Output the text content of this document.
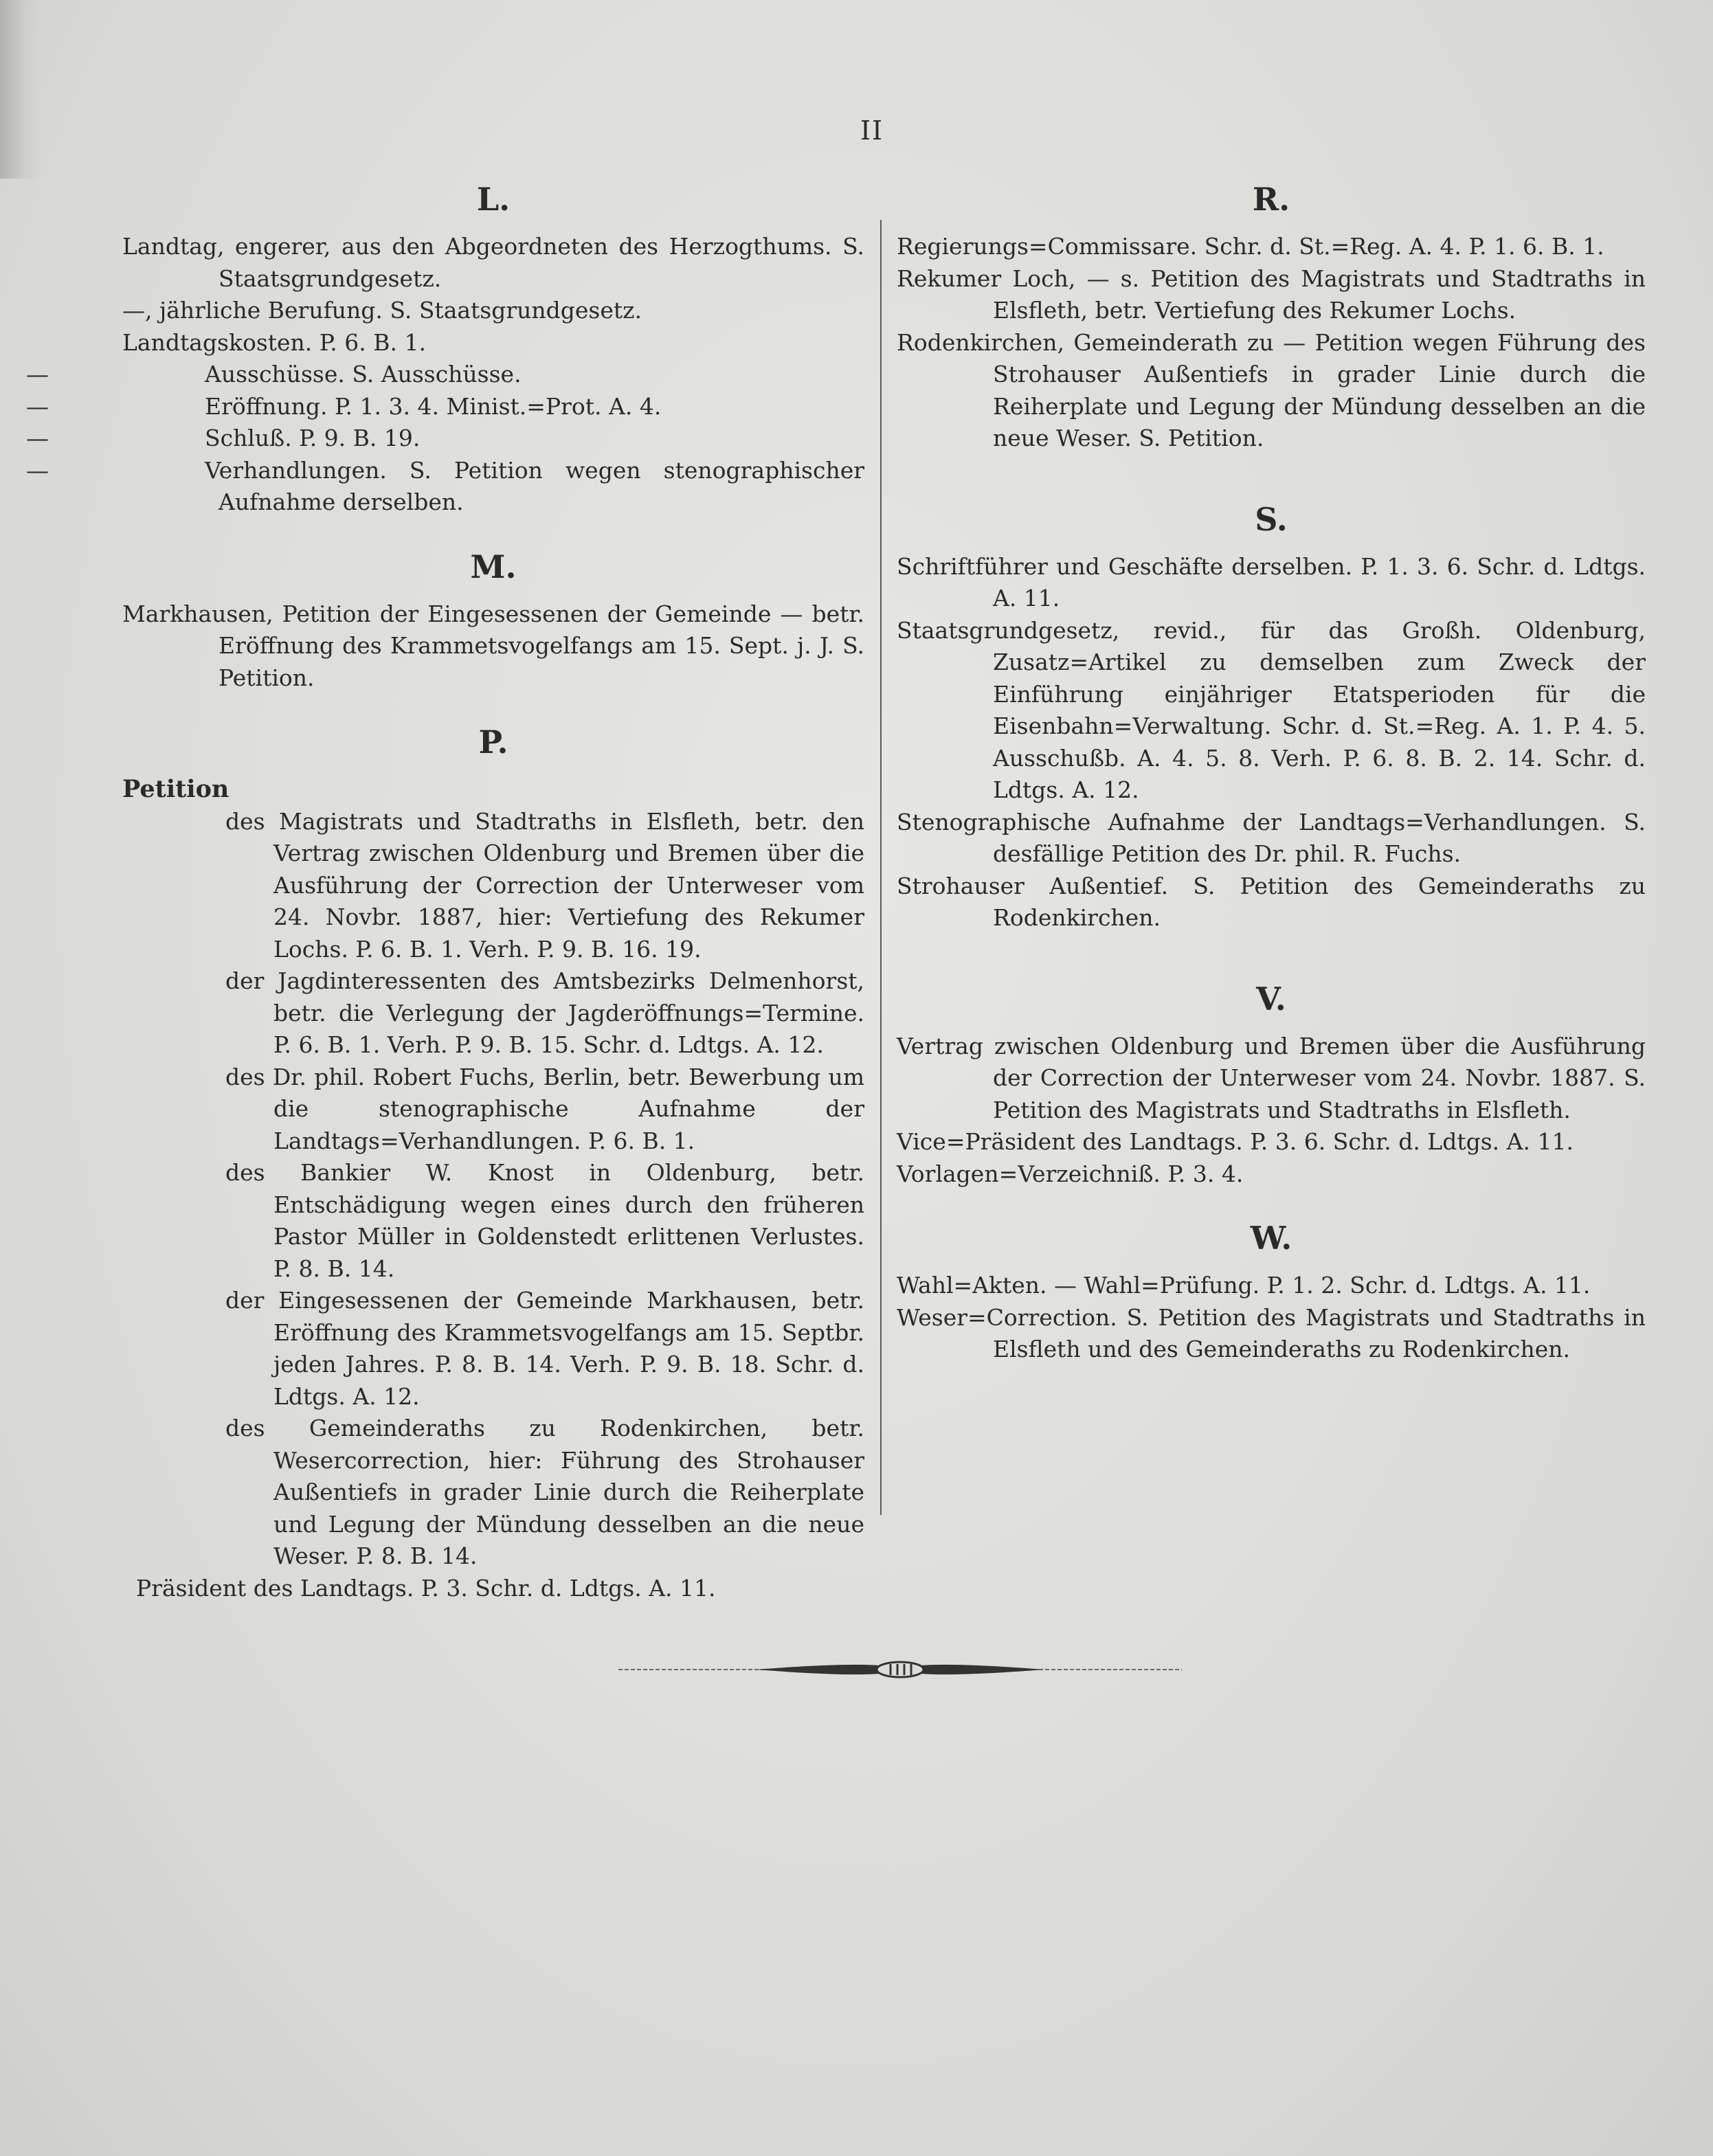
II
L.
Landtag, engerer, aus den Abgeordneten des Herzogthums. S. Staatsgrundgesetz.
—, jährliche Berufung. S. Staatsgrundgesetz.
Landtagskosten. P. 6. B. 1.
—	Ausschüsse. S. Ausschüsse.
—	Eröffnung. P. 1. 3. 4. Minist.=Prot. A. 4.
—	Schluß. P. 9. B. 19.
—	Verhandlungen. S. Petition wegen stenographischer Aufnahme derselben.
M.
Markhausen, Petition der Eingesessenen der Gemeinde — betr. Eröffnung des Krammetsvogelfangs am 15. Sept. j. J. S. Petition.
P.
Petition
des Magistrats und Stadtraths in Elsfleth, betr. den Vertrag zwischen Oldenburg und Bremen über die Ausführung der Correction der Unterweser vom 24. Novbr. 1887, hier: Vertiefung des Rekumer Lochs. P. 6. B. 1. Verh. P. 9. B. 16. 19.
der Jagdinteressenten des Amtsbezirks Delmenhorst, betr. die Verlegung der Jagderöffnungs=Termine. P. 6. B. 1. Verh. P. 9. B. 15. Schr. d. Ldtgs. A. 12.
des Dr. phil. Robert Fuchs, Berlin, betr. Bewerbung um die stenographische Aufnahme der Landtags=Verhandlungen. P. 6. B. 1.
des Bankier W. Knost in Oldenburg, betr. Entschädigung wegen eines durch den früheren Pastor Müller in Goldenstedt erlittenen Verlustes. P. 8. B. 14.
der Eingesessenen der Gemeinde Markhausen, betr. Eröffnung des Krammetsvogelfangs am 15. Septbr. jeden Jahres. P. 8. B. 14. Verh. P. 9. B. 18. Schr. d. Ldtgs. A. 12.
des Gemeinderaths zu Rodenkirchen, betr. Wesercorrection, hier: Führung des Strohauser Außentiefs in grader Linie durch die Reiherplate und Legung der Mündung desselben an die neue Weser. P. 8. B. 14.
Präsident des Landtags. P. 3. Schr. d. Ldtgs. A. 11.
R.
Regierungs=Commissare. Schr. d. St.=Reg. A. 4. P. 1. 6. B. 1.
Rekumer Loch, — s. Petition des Magistrats und Stadtraths in Elsfleth, betr. Vertiefung des Rekumer Lochs.
Rodenkirchen, Gemeinderath zu — Petition wegen Führung des Strohauser Außentiefs in grader Linie durch die Reiherplate und Legung der Mündung desselben an die neue Weser. S. Petition.
S.
Schriftführer und Geschäfte derselben. P. 1. 3. 6. Schr. d. Ldtgs. A. 11.
Staatsgrundgesetz, revid., für das Großh. Oldenburg, Zusatz=Artikel zu demselben zum Zweck der Einführung einjähriger Etatsperioden für die Eisenbahn=Verwaltung. Schr. d. St.=Reg. A. 1. P. 4. 5. Ausschußb. A. 4. 5. 8. Verh. P. 6. 8. B. 2. 14. Schr. d. Ldtgs. A. 12.
Stenographische Aufnahme der Landtags=Verhandlungen. S. desfällige Petition des Dr. phil. R. Fuchs.
Strohauser Außentief. S. Petition des Gemeinderaths zu Rodenkirchen.
V.
Vertrag zwischen Oldenburg und Bremen über die Ausführung der Correction der Unterweser vom 24. Novbr. 1887. S. Petition des Magistrats und Stadtraths in Elsfleth.
Vice=Präsident des Landtags. P. 3. 6. Schr. d. Ldtgs. A. 11.
Vorlagen=Verzeichniß. P. 3. 4.
W.
Wahl=Akten. — Wahl=Prüfung. P. 1. 2. Schr. d. Ldtgs. A. 11.
Weser=Correction. S. Petition des Magistrats und Stadtraths in Elsfleth und des Gemeinderaths zu Rodenkirchen.
